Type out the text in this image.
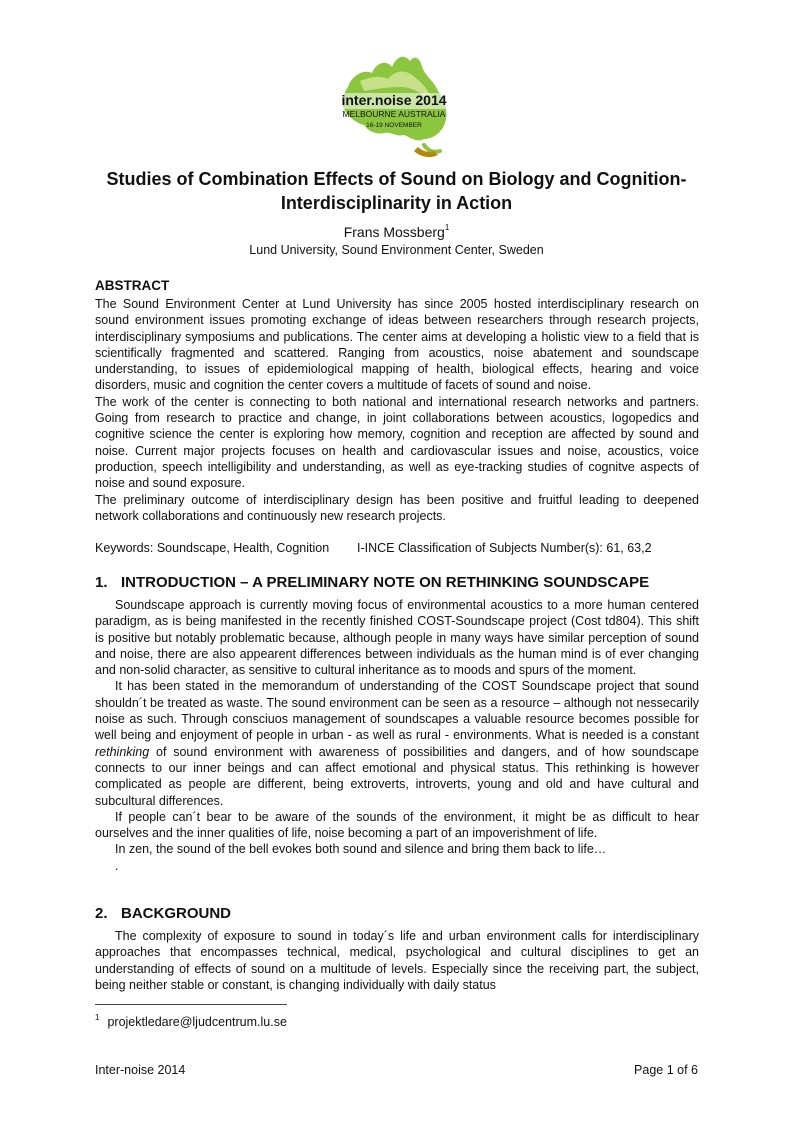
inter.noise 2014
MELBOURNE AUSTRALIA
16-19 NOVEMBER
Studies of Combination Effects of Sound on Biology and Cognition-
Interdisciplinarity in Action
Frans Mossberg$^1$
Lund University, Sound Environment Center, Sweden
ABSTRACT

The Sound Environment Center at Lund University has since 2005 hosted interdisciplinary research on sound environment issues promoting exchange of ideas between researchers through research projects, interdisciplinary symposiums and publications. The center aims at developing a holistic view to a field that is scientifically fragmented and scattered. Ranging from acoustics, noise abatement and soundscape understanding, to issues of epidemiological mapping of health, biological effects, hearing and voice disorders, music and cognition the center covers a multitude of facets of sound and noise.

The work of the center is connecting to both national and international research networks and partners. Going from research to practice and change, in joint collaborations between acoustics, logopedics and cognitive science the center is exploring how memory, cognition and reception are affected by sound and noise. Current major projects focuses on health and cardiovascular issues and noise, acoustics, voice production, speech intelligibility and understanding, as well as eye-tracking studies of cognitve aspects of noise and sound exposure.

The preliminary outcome of interdisciplinary design has been positive and fruitful leading to deepened network collaborations and continuously new research projects.

Keywords: Soundscape, Health, Cognition I-INCE Classification of Subjects Number(s): 61, 63,2
1. INTRODUCTION – A PRELIMINARY NOTE ON RETHINKING SOUNDSCAPE

Soundscape approach is currently moving focus of environmental acoustics to a more human centered paradigm, as is being manifested in the recently finished COST-Soundscape project (Cost td804). This shift is positive but notably problematic because, although people in many ways have similar perception of sound and noise, there are also appearent differences between individuals as the human mind is of ever changing and non-solid character, as sensitive to cultural inheritance as to moods and spurs of the moment.

It has been stated in the memorandum of understanding of the COST Soundscape project that sound shouldn´t be treated as waste. The sound environment can be seen as a resource – although not nessecarily noise as such. Through consciuos management of soundscapes a valuable resource becomes possible for well being and enjoyment of people in urban - as well as rural - environments. What is needed is a constant rethinking of sound environment with awareness of possibilities and dangers, and of how soundscape connects to our inner beings and can affect emotional and physical status. This rethinking is however complicated as people are different, being extroverts, introverts, young and old and have cultural and subcultural differences.

If people can´t bear to be aware of the sounds of the environment, it might be as difficult to hear ourselves and the inner qualities of life, noise becoming a part of an impoverishment of life.

In zen, the sound of the bell evokes both sound and silence and bring them back to life…

.

2. BACKGROUND

The complexity of exposure to sound in today´s life and urban environment calls for interdisciplinary approaches that encompasses technical, medical, psychological and cultural disciplines to get an understanding of effects of sound on a multitude of levels. Especially since the receiving part, the subject, being neither stable or constant, is changing individually with daily status

$^1$ projektledare@ljudcentrum.lu.se
Inter-noise 2014	Page 1 of 6
